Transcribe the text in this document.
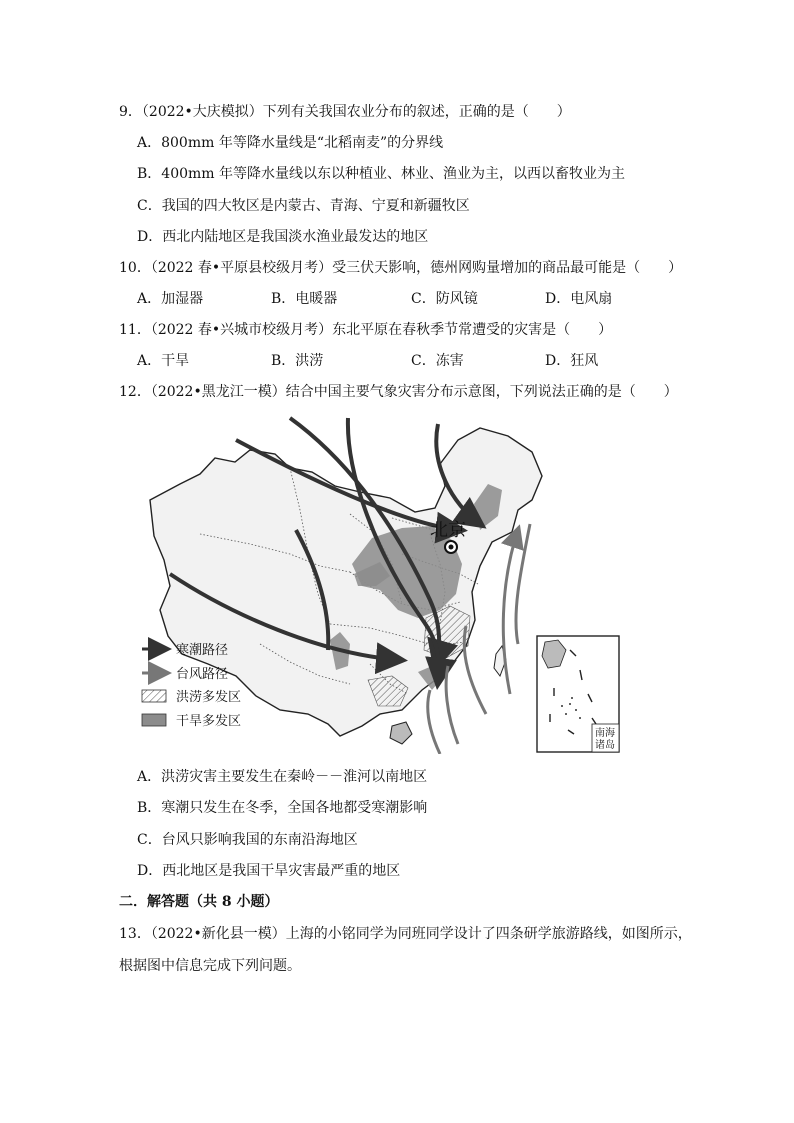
9．（2022•大庆模拟）下列有关我国农业分布的叙述，正确的是（　　）
A．800mm 年等降水量线是“北稻南麦”的分界线
B．400mm 年等降水量线以东以种植业、林业、渔业为主，以西以畜牧业为主
C．我国的四大牧区是内蒙古、青海、宁夏和新疆牧区
D．西北内陆地区是我国淡水渔业最发达的地区
10．（2022 春•平原县校级月考）受三伏天影响，德州网购量增加的商品最可能是（　　）
A．加湿器	B．电暖器	C．防风镜	D．电风扇
11．（2022 春•兴城市校级月考）东北平原在春秋季节常遭受的灾害是（　　）
A．干旱	B．洪涝	C．冻害	D．狂风
12．（2022•黑龙江一模）结合中国主要气象灾害分布示意图，下列说法正确的是（　　）
北京
南海
诸岛
寒潮路径
台风路径
洪涝多发区
干旱多发区
A．洪涝灾害主要发生在秦岭－－淮河以南地区
B．寒潮只发生在冬季，全国各地都受寒潮影响
C．台风只影响我国的东南沿海地区
D．西北地区是我国干旱灾害最严重的地区
二．解答题（共 8 小题）
13．（2022•新化县一模）上海的小铭同学为同班同学设计了四条研学旅游路线，如图所示，
根据图中信息完成下列问题。
